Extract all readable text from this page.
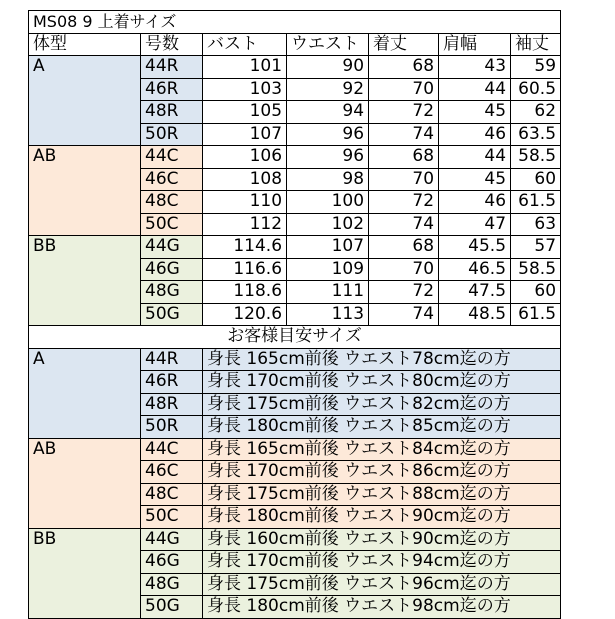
MS08 9 上着サイズ						
体型	号数	バスト	ウエスト	着丈	肩幅	袖丈
A	44R	101	90	68	43	59
	46R	103	92	70	44	60.5
	48R	105	94	72	45	62
	50R	107	96	74	46	63.5
AB	44C	106	96	68	44	58.5
	46C	108	98	70	45	60
	48C	110	100	72	46	61.5
	50C	112	102	74	47	63
BB	44G	114.6	107	68	45.5	57
	46G	116.6	109	70	46.5	58.5
	48G	118.6	111	72	47.5	60
	50G	120.6	113	74	48.5	61.5
お客様目安サイズ						
A	44R	身長 165cm前後 ウエスト78cm迄の方				
	46R	身長 170cm前後 ウエスト80cm迄の方				
	48R	身長 175cm前後 ウエスト82cm迄の方				
	50R	身長 180cm前後 ウエスト85cm迄の方				
AB	44C	身長 165cm前後 ウエスト84cm迄の方				
	46C	身長 170cm前後 ウエスト86cm迄の方				
	48C	身長 175cm前後 ウエスト88cm迄の方				
	50C	身長 180cm前後 ウエスト90cm迄の方				
BB	44G	身長 160cm前後 ウエスト90cm迄の方				
	46G	身長 170cm前後 ウエスト94cm迄の方				
	48G	身長 175cm前後 ウエスト96cm迄の方				
	50G	身長 180cm前後 ウエスト98cm迄の方				
